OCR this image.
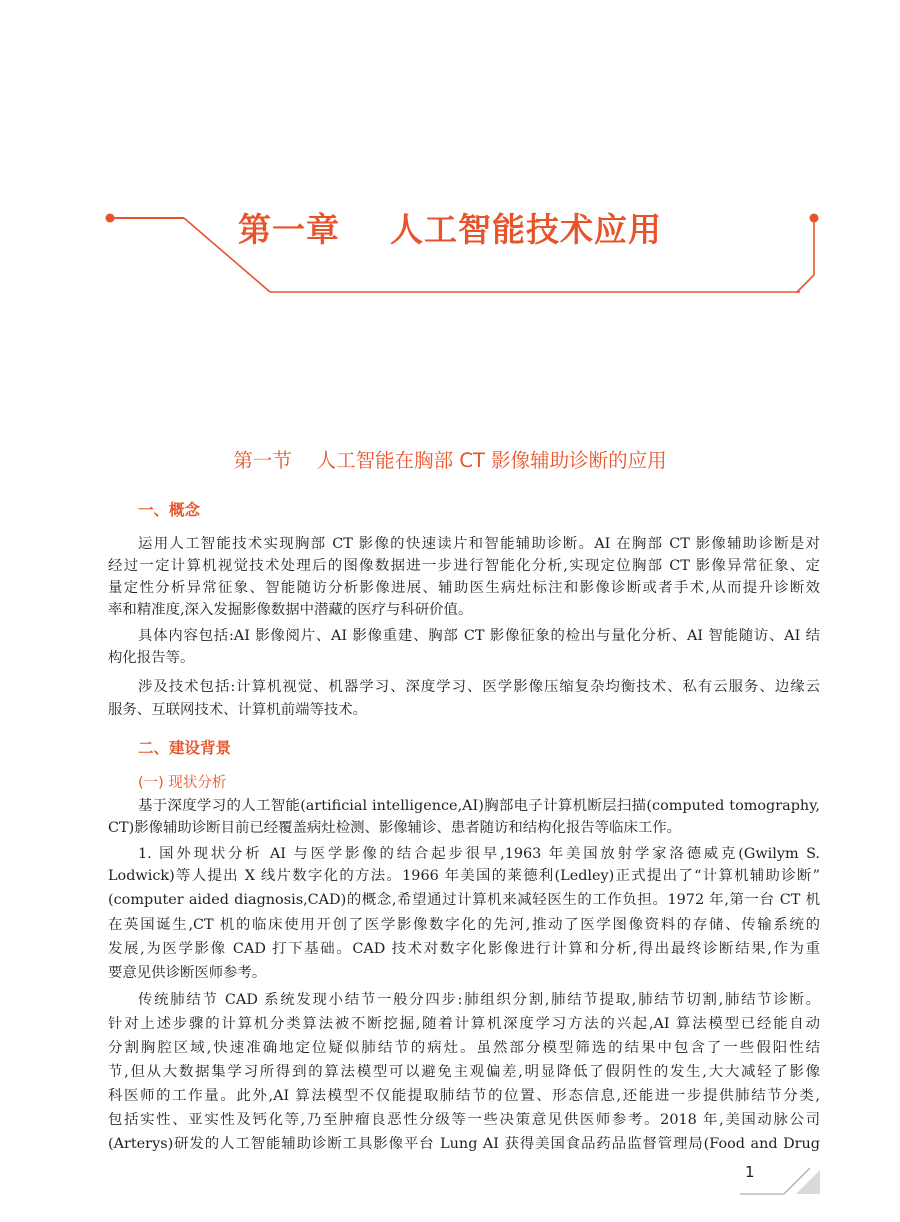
第一章    人工智能技术应用
第一节    人工智能在胸部 CT 影像辅助诊断的应用
一、概念
运用人工智能技术实现胸部 CT 影像的快速读片和智能辅助诊断。AI 在胸部 CT 影像辅助诊断是对
经过一定计算机视觉技术处理后的图像数据进一步进行智能化分析,实现定位胸部 CT 影像异常征象、定
量定性分析异常征象、智能随访分析影像进展、辅助医生病灶标注和影像诊断或者手术,从而提升诊断效
率和精准度,深入发掘影像数据中潜藏的医疗与科研价值。
具体内容包括:AI 影像阅片、AI 影像重建、胸部 CT 影像征象的检出与量化分析、AI 智能随访、AI 结
构化报告等。
涉及技术包括:计算机视觉、机器学习、深度学习、医学影像压缩复杂均衡技术、私有云服务、边缘云
服务、互联网技术、计算机前端等技术。
二、建设背景
(一) 现状分析
基于深度学习的人工智能(artificial intelligence,AI)胸部电子计算机断层扫描(computed tomography,
CT)影像辅助诊断目前已经覆盖病灶检测、影像辅诊、患者随访和结构化报告等临床工作。
1. 国外现状分析 AI 与医学影像的结合起步很早,1963 年美国放射学家洛德威克(Gwilym S.
Lodwick)等人提出 X 线片数字化的方法。1966 年美国的莱德利(Ledley)正式提出了“计算机辅助诊断”
(computer aided diagnosis,CAD)的概念,希望通过计算机来减轻医生的工作负担。1972 年,第一台 CT 机
在英国诞生,CT 机的临床使用开创了医学影像数字化的先河,推动了医学图像资料的存储、传输系统的
发展,为医学影像 CAD 打下基础。CAD 技术对数字化影像进行计算和分析,得出最终诊断结果,作为重
要意见供诊断医师参考。
传统肺结节 CAD 系统发现小结节一般分四步:肺组织分割,肺结节提取,肺结节切割,肺结节诊断。
针对上述步骤的计算机分类算法被不断挖掘,随着计算机深度学习方法的兴起,AI 算法模型已经能自动
分割胸腔区域,快速准确地定位疑似肺结节的病灶。虽然部分模型筛选的结果中包含了一些假阳性结
节,但从大数据集学习所得到的算法模型可以避免主观偏差,明显降低了假阴性的发生,大大减轻了影像
科医师的工作量。此外,AI 算法模型不仅能提取肺结节的位置、形态信息,还能进一步提供肺结节分类,
包括实性、亚实性及钙化等,乃至肿瘤良恶性分级等一些决策意见供医师参考。2018 年,美国动脉公司
(Arterys)研发的人工智能辅助诊断工具影像平台 Lung AI 获得美国食品药品监督管理局(Food and Drug
1
